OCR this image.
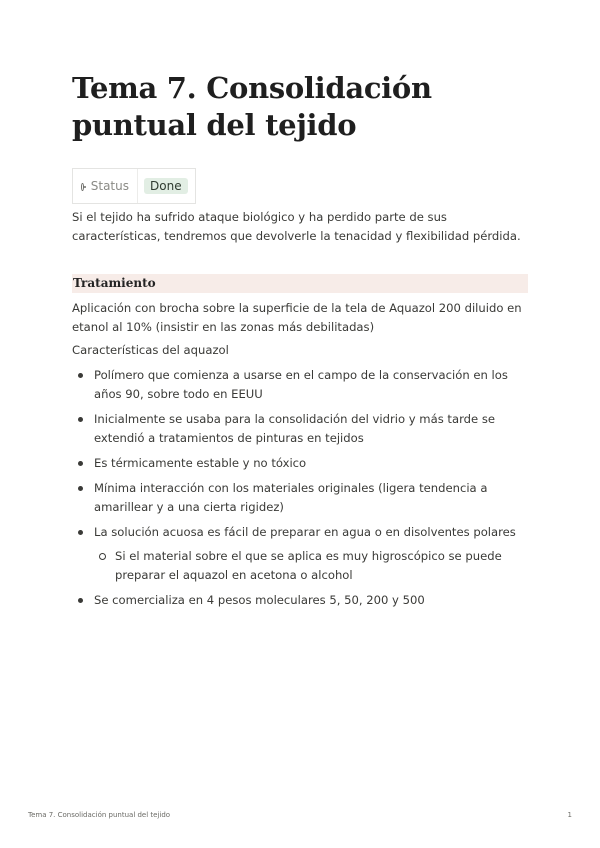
Tema 7. Consolidación puntual del tejido
Status	Done

Si el tejido ha sufrido ataque biológico y ha perdido parte de sus características, tendremos que devolverle la tenacidad y flexibilidad pérdida.

Tratamiento

Aplicación con brocha sobre la superficie de la tela de Aquazol 200 diluido en etanol al 10% (insistir en las zonas más debilitadas)

Características del aquazol

Polímero que comienza a usarse en el campo de la conservación en los años 90, sobre todo en EEUU
Inicialmente se usaba para la consolidación del vidrio y más tarde se extendió a tratamientos de pinturas en tejidos
Es térmicamente estable y no tóxico
Mínima interacción con los materiales originales (ligera tendencia a amarillear y a una cierta rigidez)
La solución acuosa es fácil de preparar en agua o en disolventes polares
Si el material sobre el que se aplica es muy higroscópico se puede preparar el aquazol en acetona o alcohol
Se comercializa en 4 pesos moleculares 5, 50, 200 y 500
Tema 7. Consolidación puntual del tejido	1
